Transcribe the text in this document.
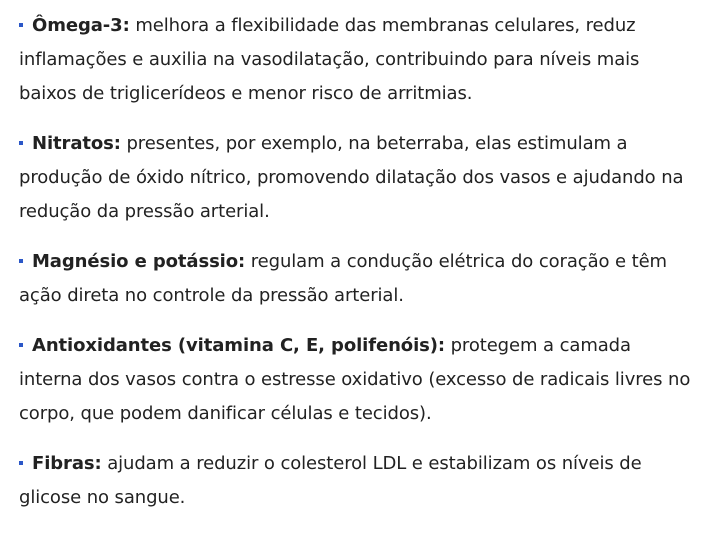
Ômega-3: melhora a flexibilidade das membranas celulares, reduz inflamações e auxilia na vasodilatação, contribuindo para níveis mais baixos de triglicerídeos e menor risco de arritmias.
Nitratos: presentes, por exemplo, na beterraba, elas estimulam a produção de óxido nítrico, promovendo dilatação dos vasos e ajudando na redução da pressão arterial.
Magnésio e potássio: regulam a condução elétrica do coração e têm ação direta no controle da pressão arterial.
Antioxidantes (vitamina C, E, polifenóis): protegem a camada interna dos vasos contra o estresse oxidativo (excesso de radicais livres no corpo, que podem danificar células e tecidos).
Fibras: ajudam a reduzir o colesterol LDL e estabilizam os níveis de glicose no sangue.
